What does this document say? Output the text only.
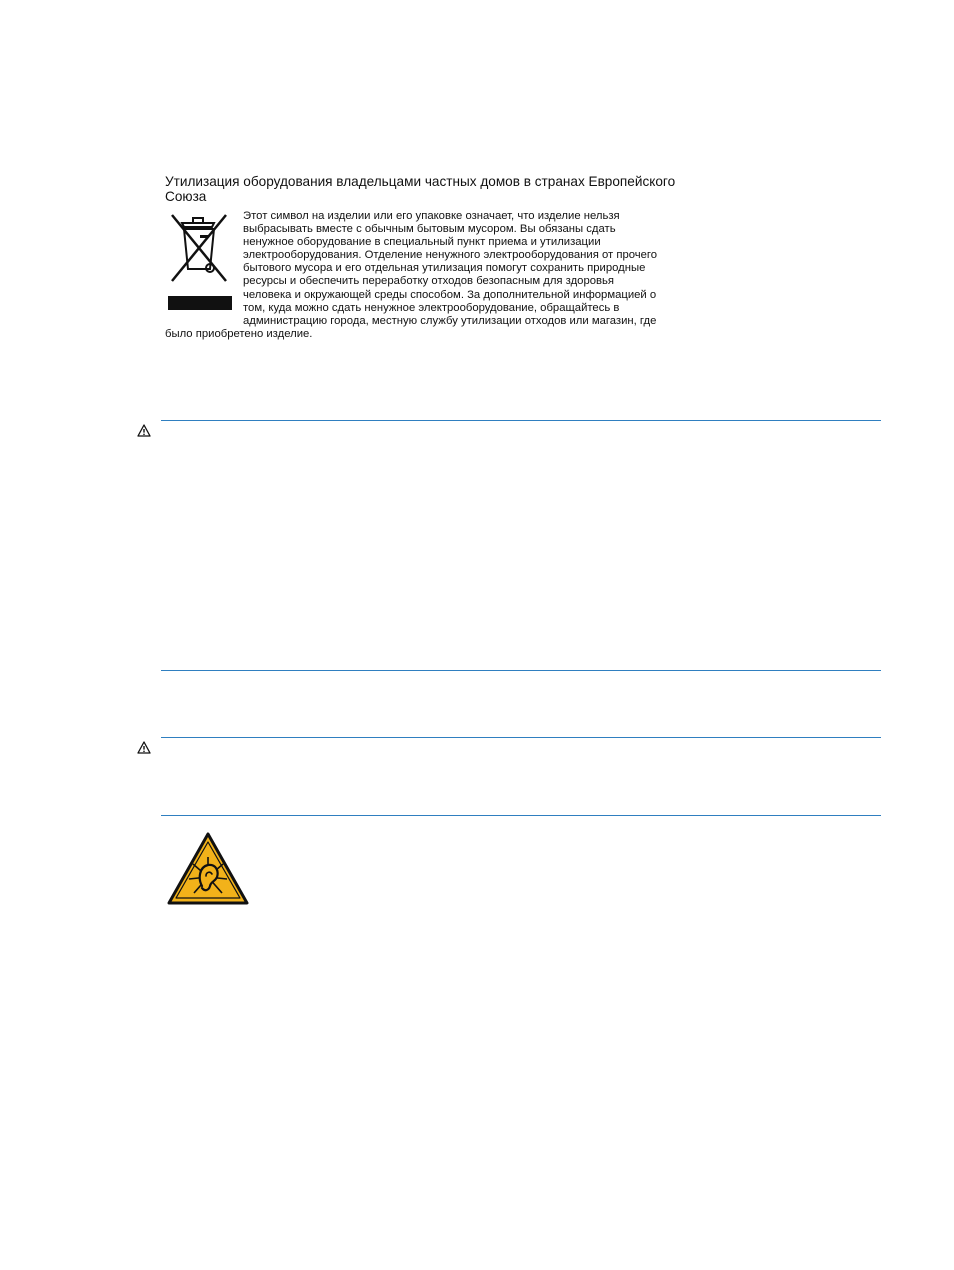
Утилизация оборудования владельцами частных домов в странах Европейского Союза

Этот символ на изделии или его упаковке означает, что изделие нельзя выбрасывать вместе с обычным бытовым мусором. Вы обязаны сдать ненужное оборудование в специальный пункт приема и утилизации электрооборудования. Отделение ненужного электрооборудования от прочего бытового мусора и его отдельная утилизация помогут сохранить природные ресурсы и обеспечить переработку отходов безопасным для здоровья человека и окружающей среды способом. За дополнительной информацией о том, куда можно сдать ненужное электрооборудование, обращайтесь в администрацию города, местную службу утилизации отходов или магазин, где было приобретено изделие.
